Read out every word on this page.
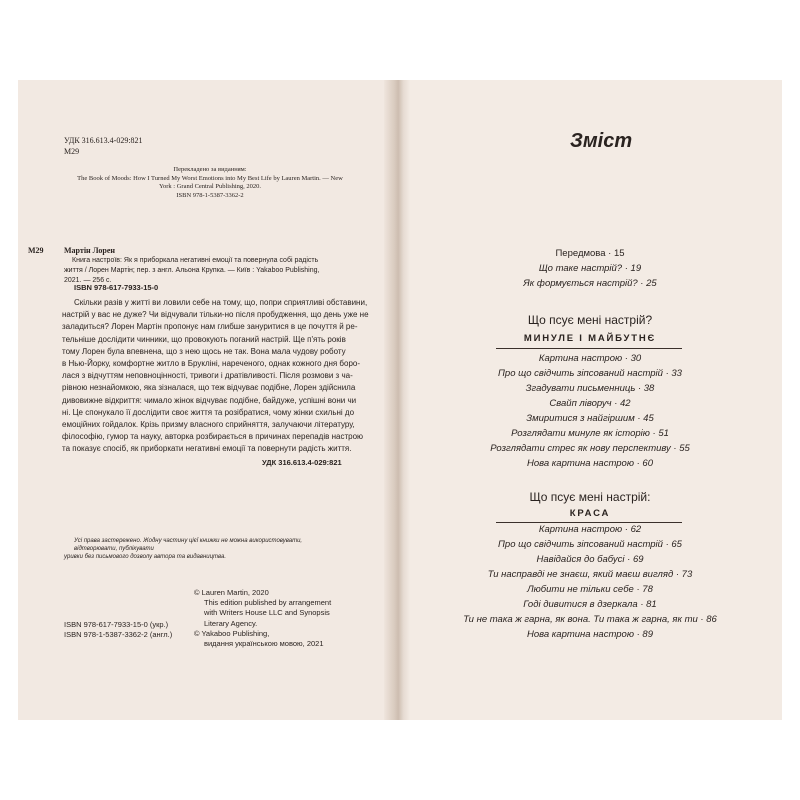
УДК 316.613.4-029:821
М29
Перекладено за виданням:
The Book of Moods: How I Turned My Worst Emotions into My Best Life by Lauren Martin. — New
York : Grand Central Publishing, 2020.
ISBN 978-1-5387-3362-2
М29	Мартін Лорен
Книга настроїв: Як я приборкала негативні емоції та повернула собі радість
життя / Лорен Мартін; пер. з англ. Альона Крупка. — Київ : Yakaboo Publishing,
2021. — 256 с.
ISBN 978-617-7933-15-0

Скільки разів у житті ви ловили себе на тому, що, попри сприятливі обставини,

настрій у вас не дуже? Чи відчували тільки-но після пробудження, що день уже не
заладиться? Лорен Мартін пропонує нам глибше зануритися в це почуття й ре-
тельніше дослідити чинники, що провокують поганий настрій. Ще п'ять років
тому Лорен була впевнена, що з нею щось не так. Вона мала чудову роботу
в Нью-Йорку, комфортне житло в Брукліні, нареченого, однак кожного дня боро-
лася з відчуттям неповноцінності, тривоги і дратівливості. Після розмови з ча-
рівною незнайомкою, яка зізналася, що теж відчуває подібне, Лорен здійснила
дивовижне відкриття: чимало жінок відчуває подібне, байдуже, успішні вони чи
ні. Це спонукало її дослідити своє життя та розібратися, чому жінки схильні до
емоційних гойдалок. Крізь призму власного сприйняття, залучаючи літературу,
філософію, гумор та науку, авторка розбирається в причинах перепадів настрою
та показує спосіб, як приборкати негативні емоції та повернути радість життя.
УДК 316.613.4-029:821
Усі права застережено. Жодну частину цієї книжки не можна використовувати, відтворювати, публікувати
уривки без письмового дозволу автора та видавництва.
© Lauren Martin, 2020
This edition published by arrangement
with Writers House LLC and Synopsis
Literary Agency.
© Yakaboo Publishing,
видання українською мовою, 2021
ISBN 978-617-7933-15-0 (укр.)
ISBN 978-1-5387-3362-2 (англ.)
Зміст
Передмова · 15
Що таке настрій? · 19
Як формується настрій? · 25
Що псує мені настрій?
МИНУЛЕ І МАЙБУТНЄ
Картина настрою · 30
Про що свідчить зіпсований настрій · 33
Згадувати письменниць · 38
Свайп ліворуч · 42
Змиритися з найгіршим · 45
Розглядати минуле як історію · 51
Розглядати стрес як нову перспективу · 55
Нова картина настрою · 60
Що псує мені настрій:
КРАСА
Картина настрою · 62
Про що свідчить зіпсований настрій · 65
Навідайся до бабусі · 69
Ти насправді не знаєш, який маєш вигляд · 73
Любити не тільки себе · 78
Годі дивитися в дзеркала · 81
Ти не така ж гарна, як вона. Ти така ж гарна, як ти · 86
Нова картина настрою · 89
